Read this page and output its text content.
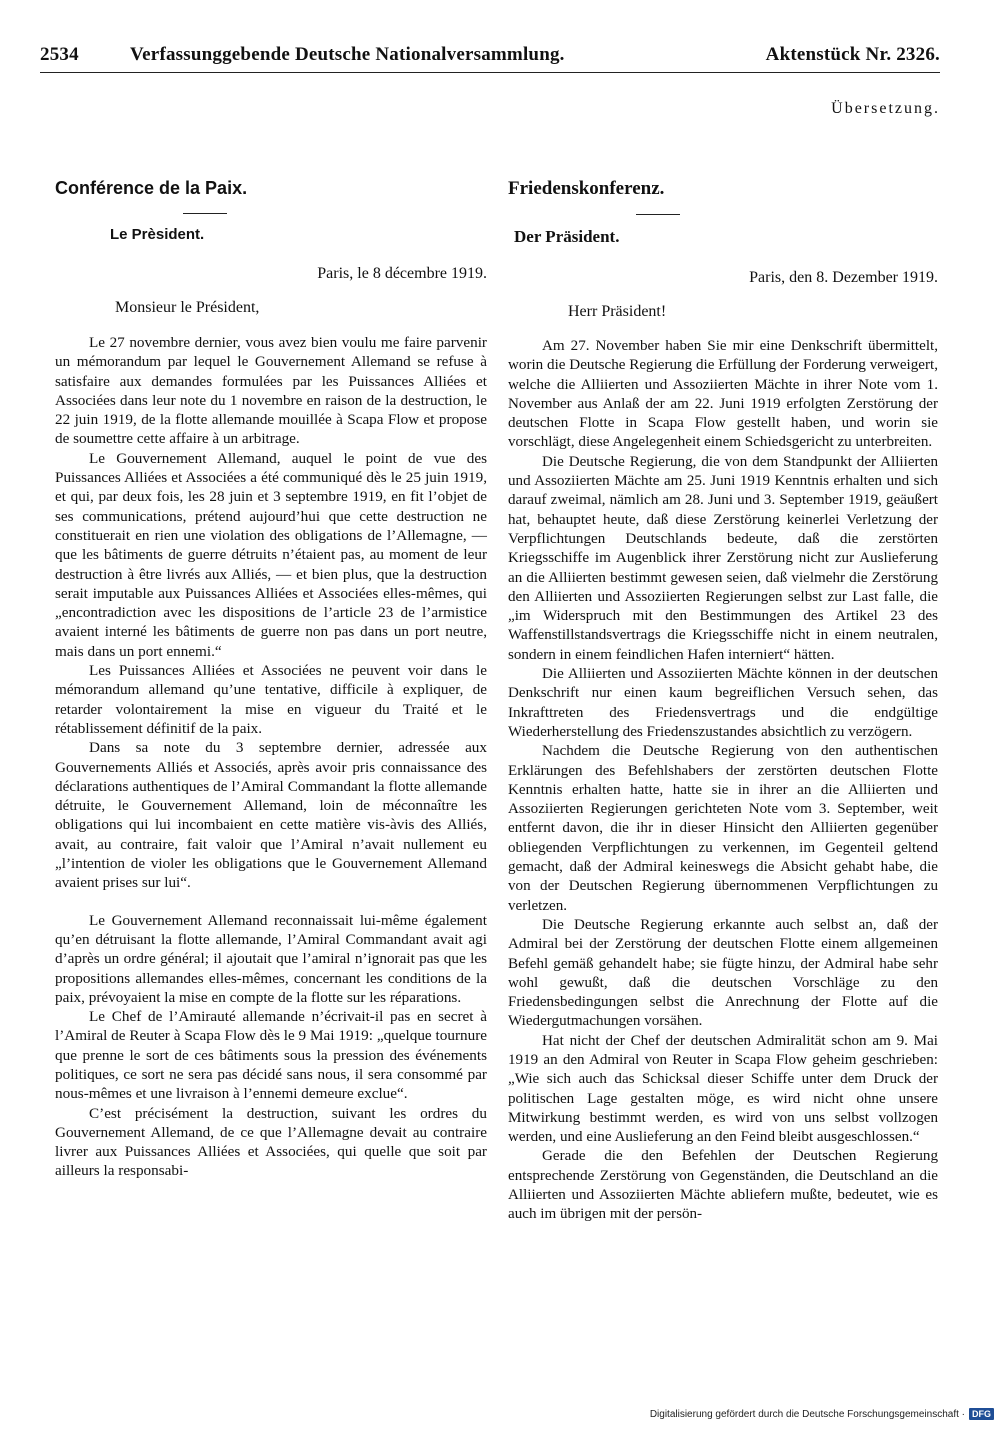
2534	Verfassunggebende Deutsche Nationalversammlung.	Aktenstück Nr. 2326.
Übersetzung.
Conférence de la Paix.
Le Prèsident.
Paris, le 8 décembre 1919.
Monsieur le Président,

Le 27 novembre dernier, vous avez bien voulu me faire parvenir un mémorandum par lequel le Gouvernement Allemand se refuse à satisfaire aux demandes formulées par les Puissances Alliées et Associées dans leur note du 1 novembre en raison de la destruction, le 22 juin 1919, de la flotte allemande mouillée à Scapa Flow et propose de soumettre cette affaire à un arbitrage.

Le Gouvernement Allemand, auquel le point de vue des Puissances Alliées et Associées a été communiqué dès le 25 juin 1919, et qui, par deux fois, les 28 juin et 3 septembre 1919, en fit l’objet de ses communications, prétend aujourd’hui que cette destruction ne constituerait en rien une violation des obligations de l’Allemagne, — que les bâtiments de guerre détruits n’étaient pas, au moment de leur destruction à être livrés aux Alliés, — et bien plus, que la destruction serait imputable aux Puissances Alliées et Associées elles-mêmes, qui „encontradiction avec les dispositions de l’article 23 de l’armistice avaient interné les bâtiments de guerre non pas dans un port neutre, mais dans un port ennemi.“

Les Puissances Alliées et Associées ne peuvent voir dans le mémorandum allemand qu’une tentative, difficile à expliquer, de retarder volontairement la mise en vigueur du Traité et le rétablissement définitif de la paix.

Dans sa note du 3 septembre dernier, adressée aux Gouvernements Alliés et Associés, après avoir pris connaissance des déclarations authentiques de l’Amiral Commandant la flotte allemande détruite, le Gouvernement Allemand, loin de méconnaître les obligations qui lui incombaient en cette matière vis-àvis des Alliés, avait, au contraire, fait valoir que l’Amiral n’avait nullement eu „l’intention de violer les obligations que le Gouvernement Allemand avaient prises sur lui“.

Le Gouvernement Allemand reconnaissait lui-même également qu’en détruisant la flotte allemande, l’Amiral Commandant avait agi d’après un ordre général; il ajoutait que l’amiral n’ignorait pas que les propositions allemandes elles-mêmes, concernant les conditions de la paix, prévoyaient la mise en compte de la flotte sur les réparations.

Le Chef de l’Amirauté allemande n’écrivait-il pas en secret à l’Amiral de Reuter à Scapa Flow dès le 9 Mai 1919: „quelque tournure que prenne le sort de ces bâtiments sous la pression des événements politiques, ce sort ne sera pas décidé sans nous, il sera consommé par nous-mêmes et une livraison à l’ennemi demeure exclue“.

C’est précisément la destruction, suivant les ordres du Gouvernement Allemand, de ce que l’Allemagne devait au contraire livrer aux Puissances Alliées et Associées, qui quelle que soit par ailleurs la responsabi-

Friedenskonferenz.
Der Präsident.
Paris, den 8. Dezember 1919.
Herr Präsident!

Am 27. November haben Sie mir eine Denkschrift übermittelt, worin die Deutsche Regierung die Erfüllung der Forderung verweigert, welche die Alliierten und Assoziierten Mächte in ihrer Note vom 1. November aus Anlaß der am 22. Juni 1919 erfolgten Zerstörung der deutschen Flotte in Scapa Flow gestellt haben, und worin sie vorschlägt, diese Angelegenheit einem Schiedsgericht zu unterbreiten.

Die Deutsche Regierung, die von dem Standpunkt der Alliierten und Assoziierten Mächte am 25. Juni 1919 Kenntnis erhalten und sich darauf zweimal, nämlich am 28. Juni und 3. September 1919, geäußert hat, behauptet heute, daß diese Zerstörung keinerlei Verletzung der Verpflichtungen Deutschlands bedeute, daß die zerstörten Kriegsschiffe im Augenblick ihrer Zerstörung nicht zur Auslieferung an die Alliierten bestimmt gewesen seien, daß vielmehr die Zerstörung den Alliierten und Assoziierten Regierungen selbst zur Last falle, die „im Widerspruch mit den Bestimmungen des Artikel 23 des Waffenstillstandsvertrags die Kriegsschiffe nicht in einem neutralen, sondern in einem feindlichen Hafen interniert“ hätten.

Die Alliierten und Assoziierten Mächte können in der deutschen Denkschrift nur einen kaum begreiflichen Versuch sehen, das Inkrafttreten des Friedensvertrags und die endgültige Wiederherstellung des Friedenszustandes absichtlich zu verzögern.

Nachdem die Deutsche Regierung von den authentischen Erklärungen des Befehlshabers der zerstörten deutschen Flotte Kenntnis erhalten hatte, hatte sie in ihrer an die Alliierten und Assoziierten Regierungen gerichteten Note vom 3. September, weit entfernt davon, die ihr in dieser Hinsicht den Alliierten gegenüber obliegenden Verpflichtungen zu verkennen, im Gegenteil geltend gemacht, daß der Admiral keineswegs die Absicht gehabt habe, die von der Deutschen Regierung übernommenen Verpflichtungen zu verletzen.

Die Deutsche Regierung erkannte auch selbst an, daß der Admiral bei der Zerstörung der deutschen Flotte einem allgemeinen Befehl gemäß gehandelt habe; sie fügte hinzu, der Admiral habe sehr wohl gewußt, daß die deutschen Vorschläge zu den Friedensbedingungen selbst die Anrechnung der Flotte auf die Wiedergutmachungen vorsähen.

Hat nicht der Chef der deutschen Admiralität schon am 9. Mai 1919 an den Admiral von Reuter in Scapa Flow geheim geschrieben: „Wie sich auch das Schicksal dieser Schiffe unter dem Druck der politischen Lage gestalten möge, es wird nicht ohne unsere Mitwirkung bestimmt werden, es wird von uns selbst vollzogen werden, und eine Auslieferung an den Feind bleibt ausgeschlossen.“

Gerade die den Befehlen der Deutschen Regierung entsprechende Zerstörung von Gegenständen, die Deutschland an die Alliierten und Assoziierten Mächte abliefern mußte, bedeutet, wie es auch im übrigen mit der persön-

Digitalisierung gefördert durch die Deutsche Forschungsgemeinschaft · DFG
